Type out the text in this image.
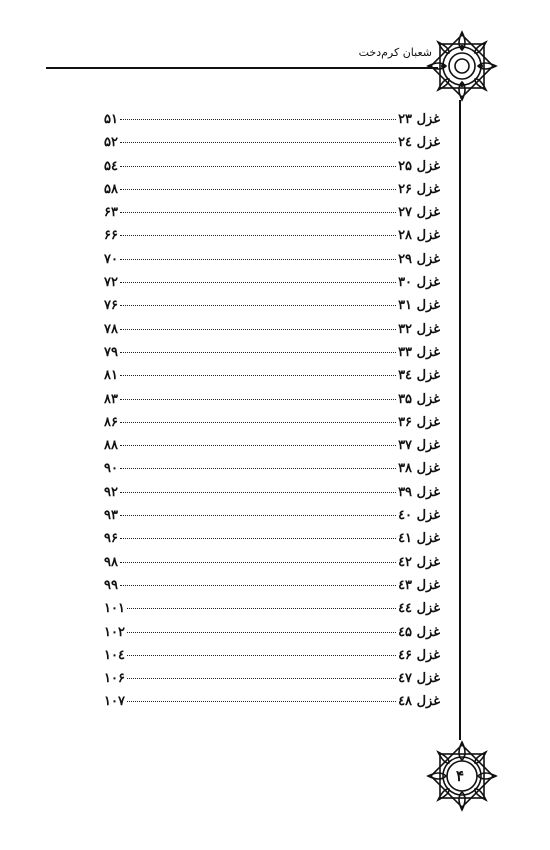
شعبان کرم‌دخت
غزل ۲۳
۵۱
غزل ۲٤
۵۲
غزل ۲۵
۵٤
غزل ۲۶
۵۸
غزل ۲۷
۶۳
غزل ۲۸
۶۶
غزل ۲۹
۷۰
غزل ۳۰
۷۲
غزل ۳۱
۷۶
غزل ۳۲
۷۸
غزل ۳۳
۷۹
غزل ۳٤
۸۱
غزل ۳۵
۸۳
غزل ۳۶
۸۶
غزل ۳۷
۸۸
غزل ۳۸
۹۰
غزل ۳۹
۹۲
غزل ٤۰
۹۳
غزل ٤۱
۹۶
غزل ٤۲
۹۸
غزل ٤۳
۹۹
غزل ٤٤
۱۰۱
غزل ٤۵
۱۰۲
غزل ٤۶
۱۰٤
غزل ٤۷
۱۰۶
غزل ٤۸
۱۰۷
۴
